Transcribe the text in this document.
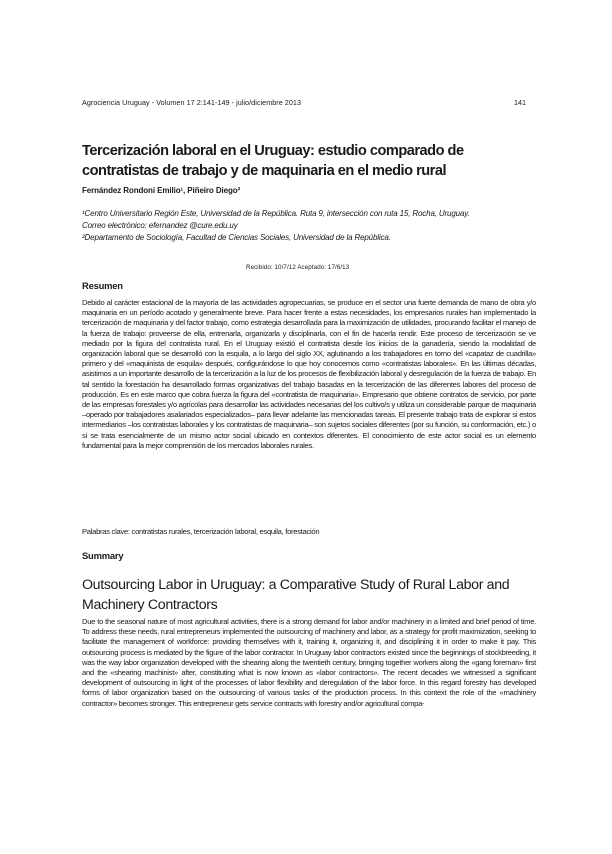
Agrociencia Uruguay - Volumen 17 2:141-149 - julio/diciembre 2013	141
Tercerización laboral en el Uruguay: estudio comparado de contratistas de trabajo y de maquinaria en el medio rural
Fernández Rondoni Emilio¹, Piñeiro Diego²
¹Centro Universitario Región Este, Universidad de la República. Ruta 9, intersección con ruta 15, Rocha, Uruguay.
Correo electrónico: efernandez @cure.edu.uy
²Departamento de Sociología, Facultad de Ciencias Sociales, Universidad de la República.
Recibido: 10/7/12 Aceptado: 17/6/13
Resumen

Debido al carácter estacional de la mayoría de las actividades agropecuarias, se produce en el sector una fuerte demanda de mano de obra y/o maquinaria en un período acotado y generalmente breve. Para hacer frente a estas necesidades, los empresarios rurales han implementado la tercerización de maquinaria y del factor trabajo, como estrategia desarrollada para la maximización de utilidades, procurando facilitar el manejo de la fuerza de trabajo: proveerse de ella, entrenarla, organizarla y disciplinarla, con el fin de hacerla rendir. Este proceso de tercerización se ve mediado por la figura del contratista rural. En el Uruguay existió el contratista desde los inicios de la ganadería, siendo la modalidad de organización laboral que se desarrolló con la esquila, a lo largo del siglo XX, aglutinando a los trabajadores en torno del «capataz de cuadrilla» primero y del «maquinista de esquila» después, configurándose lo que hoy conocemos como «contratistas laborales». En las últimas décadas, asistimos a un importante desarrollo de la tercerización a la luz de los procesos de flexibilización laboral y desregulación de la fuerza de trabajo. En tal sentido la forestación ha desarrollado formas organizativas del trabajo basadas en la tercerización de las diferentes labores del proceso de producción. Es en este marco que cobra fuerza la figura del «contratista de maquinaria». Empresario que obtiene contratos de servicio, por parte de las empresas forestales y/o agrícolas para desarrollar las actividades necesarias del los cultivo/s y utiliza un considerable parque de maquinaria –operado por trabajadores asalariados especializados– para llevar adelante las mencionadas tareas. El presente trabajo trata de explorar si estos intermediarios –los contratistas laborales y los contratistas de maquinaria– son sujetos sociales diferentes (por su función, su conformación, etc.) o si se trata esencialmente de un mismo actor social ubicado en contextos diferentes. El conocimiento de este actor social es un elemento fundamental para la mejor comprensión de los mercados laborales rurales.

Palabras clave: contratistas rurales, tercerización laboral, esquila, forestación

Summary
Outsourcing Labor in Uruguay: a Comparative Study of Rural Labor and Machinery Contractors

Due to the seasonal nature of most agricultural activities, there is a strong demand for labor and/or machinery in a limited and brief period of time. To address these needs, rural entrepreneurs implemented the outsourcing of machinery and labor, as a strategy for profit maximization, seeking to facilitate the management of workforce: providing themselves with it, training it, organizing it, and disciplining it in order to make it pay. This outsourcing process is mediated by the figure of the labor contractor. In Uruguay labor contractors existed since the beginnings of stockbreeding, it was the way labor organization developed with the shearing along the twentieth century, bringing together workers along the «gang foreman» first and the «shearing machinist» after, constituting what is now known as «labor contractors». The recent decades we witnessed a significant development of outsourcing in light of the processes of labor flexibility and deregulation of the labor force. In this regard forestry has developed forms of labor organization based on the outsourcing of various tasks of the production process. In this context the role of the «machinery contractor» becomes stronger. This entrepreneur gets service contracts with forestry and/or agricultural compa-
